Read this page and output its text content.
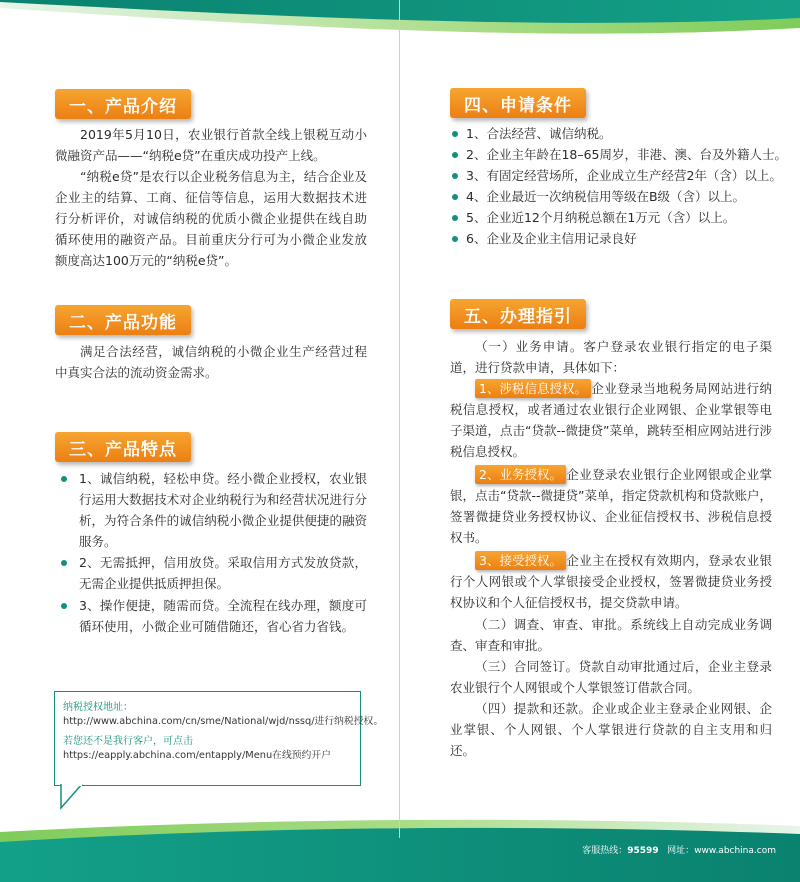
一、产品介绍

2019年5月10日，农业银行首款全线上银税互动小微融资产品——“纳税e贷”在重庆成功投产上线。

“纳税e贷”是农行以企业税务信息为主，结合企业及企业主的结算、工商、征信等信息，运用大数据技术进行分析评价，对诚信纳税的优质小微企业提供在线自助循环使用的融资产品。目前重庆分行可为小微企业发放额度高达100万元的“纳税e贷”。

二、产品功能

满足合法经营，诚信纳税的小微企业生产经营过程中真实合法的流动资金需求。

三、产品特点
1、诚信纳税，轻松申贷。经小微企业授权，农业银行运用大数据技术对企业纳税行为和经营状况进行分析，为符合条件的诚信纳税小微企业提供便捷的融资服务。
2、无需抵押，信用放贷。采取信用方式发放贷款，无需企业提供抵质押担保。
3、操作便捷，随需而贷。全流程在线办理，额度可循环使用，小微企业可随借随还，省心省力省钱。
纳税授权地址：
http://www.abchina.com/cn/sme/National/wjd/nssq/进行纳税授权。
若您还不是我行客户，可点击
https://eapply.abchina.com/entapply/Menu在线预约开户
四、申请条件
1、合法经营、诚信纳税。
2、企业主年龄在18–65周岁，非港、澳、台及外籍人士。
3、有固定经营场所，企业成立生产经营2年（含）以上。
4、企业最近一次纳税信用等级在B级（含）以上。
5、企业近12个月纳税总额在1万元（含）以上。
6、企业及企业主信用记录良好
五、办理指引

（一）业务申请。客户登录农业银行指定的电子渠道，进行贷款申请，具体如下：

1、涉税信息授权。 企业登录当地税务局网站进行纳税信息授权，或者通过农业银行企业网银、企业掌银等电子渠道，点击“贷款--微捷贷”菜单，跳转至相应网站进行涉税信息授权。

2、业务授权。 企业登录农业银行企业网银或企业掌银，点击“贷款--微捷贷”菜单，指定贷款机构和贷款账户，签署微捷贷业务授权协议、企业征信授权书、涉税信息授权书。

3、接受授权。 企业主在授权有效期内，登录农业银行个人网银或个人掌银接受企业授权，签署微捷贷业务授权协议和个人征信授权书，提交贷款申请。

（二）调查、审查、审批。系统线上自动完成业务调查、审查和审批。

（三）合同签订。贷款自动审批通过后，企业主登录农业银行个人网银或个人掌银签订借款合同。

（四）提款和还款。企业或企业主登录企业网银、企业掌银、个人网银、个人掌银进行贷款的自主支用和归还。

客服热线：95599 网址：www.abchina.com
